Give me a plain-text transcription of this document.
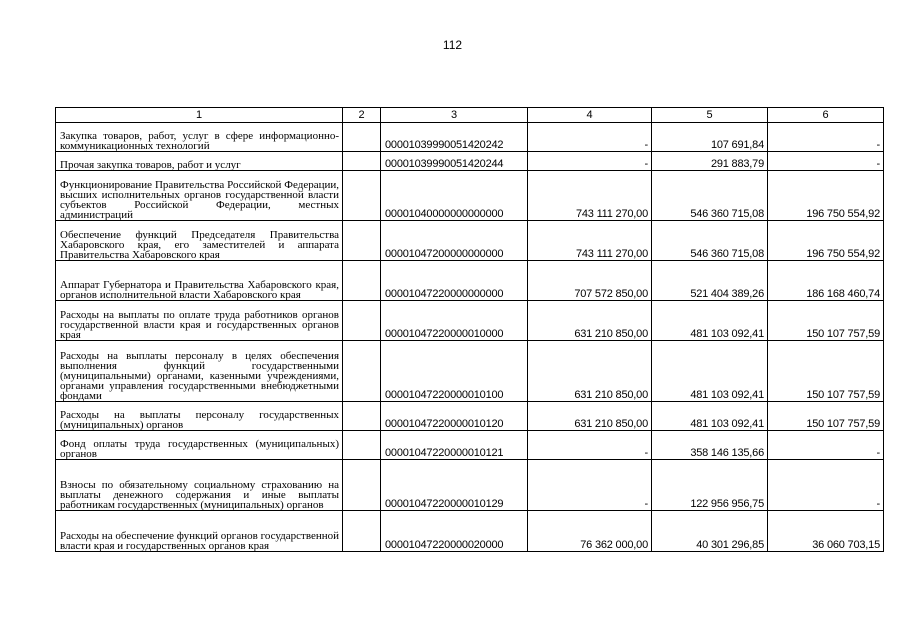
112
1	2	3	4	5	6
Закупка товаров, работ, услуг в сфере информационно-коммуникационных технологий		00001039990051420242	-	107 691,84	-
Прочая закупка товаров, работ и услуг		00001039990051420244	-	291 883,79	-
Функционирование Правительства Российской Федерации, высших исполнительных органов государственной власти субъектов Российской Федерации, местных администраций		00001040000000000000	743 111 270,00	546 360 715,08	196 750 554,92
Обеспечение функций Председателя Правительства Хабаровского края, его заместителей и аппарата Правительства Хабаровского края		00001047200000000000	743 111 270,00	546 360 715,08	196 750 554,92
Аппарат Губернатора и Правительства Хабаровского края, органов исполнительной власти Хабаровского края		00001047220000000000	707 572 850,00	521 404 389,26	186 168 460,74
Расходы на выплаты по оплате труда работников органов государственной власти края и государственных органов края		00001047220000010000	631 210 850,00	481 103 092,41	150 107 757,59
Расходы на выплаты персоналу в целях обеспечения выполнения функций государственными (муниципальными) органами, казенными учреждениями, органами управления государственными внебюджетными фондами		00001047220000010100	631 210 850,00	481 103 092,41	150 107 757,59
Расходы на выплаты персоналу государственных (муниципальных) органов		00001047220000010120	631 210 850,00	481 103 092,41	150 107 757,59
Фонд оплаты труда государственных (муниципальных) органов		00001047220000010121	-	358 146 135,66	-
Взносы по обязательному социальному страхованию на выплаты денежного содержания и иные выплаты работникам государственных (муниципальных) органов		00001047220000010129	-	122 956 956,75	-
Расходы на обеспечение функций органов государственной власти края и государственных органов края		00001047220000020000	76 362 000,00	40 301 296,85	36 060 703,15
